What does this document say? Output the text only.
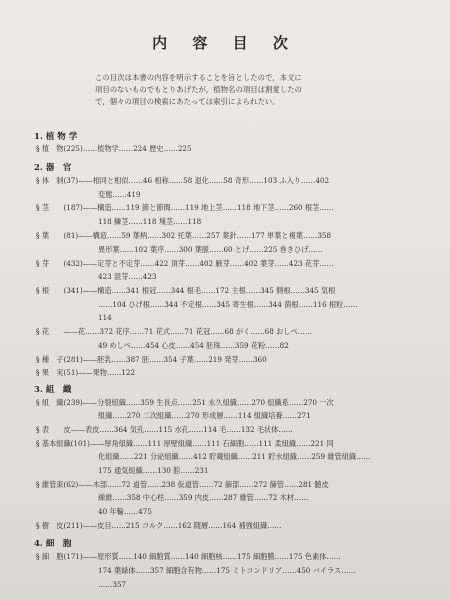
内 容 目 次
この目次は本書の内容を明示することを旨としたので，本文に
項目のないものでもとりあげたが，植物名の項目は割愛したの
で，個々の項目の検索にあたっては索引によられたい。
1. 植 物 学
§ 植　物(225)……植物学……224 歴史……225
2. 器　官
§ 体　制(37)——相同と相似……46 相称……58 退化……58 奇形……103 ふ入り……402
変態……419
§ 茎　　(187)——構造……119 節と節間……119 地上茎……118 地下茎……260 根茎……
118 鱗茎……118 塊茎……118
§ 葉　　(81)——構造……59 葉柄……302 托葉……257 葉針……177 単葉と複葉……358
異形葉……102 葉序……300 葉脈……60 とげ……225 巻きひげ……
§ 芽　　(432)——定芽と不定芽……422 頂芽……402 腋芽……402 葉芽……423 花芽……
423 混芽……423
§ 根　　(341)——構造……341 根冠……344 根毛……172 主根……345 側根……345 気根
……104 ひげ根……344 不定根……345 寄生根……344 菌根……116 根粒……
114
§ 花　　——花……372 花序……71 花式……71 花冠……68 がく……68 おしべ……
49 めしべ……454 心皮……454 胚珠……359 花粉……82
§ 種　子(281)——胚乳……387 胚……354 子葉……219 発芽……360
§ 果　実(51)——果物……122
3. 組　織
§ 組　織(239)——分裂組織……359 生長点……251 永久組織……270 組織系……270 一次
組織……270 二次組織……270 形成層……114 組織培養……271
§ 表　　皮——表皮……364 気孔……115 水孔……114 毛……132 毛状体……
§ 基本組織(101)——厚角組織……111 厚壁組織……111 石細胞……111 柔組織……221 同
化組織……221 分泌組織……412 貯蔵組織……211 貯水組織……259 維管組織……
175 通気組織……130 腔……231
§ 維管束(62)——木部……72 道管……238 仮道管……72 篩部……272 篩管……281 髄皮
線維……358 中心柱……359 内皮……287 維管……72 木材……
40 年輪……475
§ 樹　皮(211)——皮目……215 コルク……162 随層……164 補強組織……
4. 細　胞
§ 細　胞(171)——原形質……140 細胞質……140 細胞核……175 細胞膜……175 色素体……
174 葉緑体……357 細胞含有物……175 ミトコンドリア……450 バイラス……
……357
